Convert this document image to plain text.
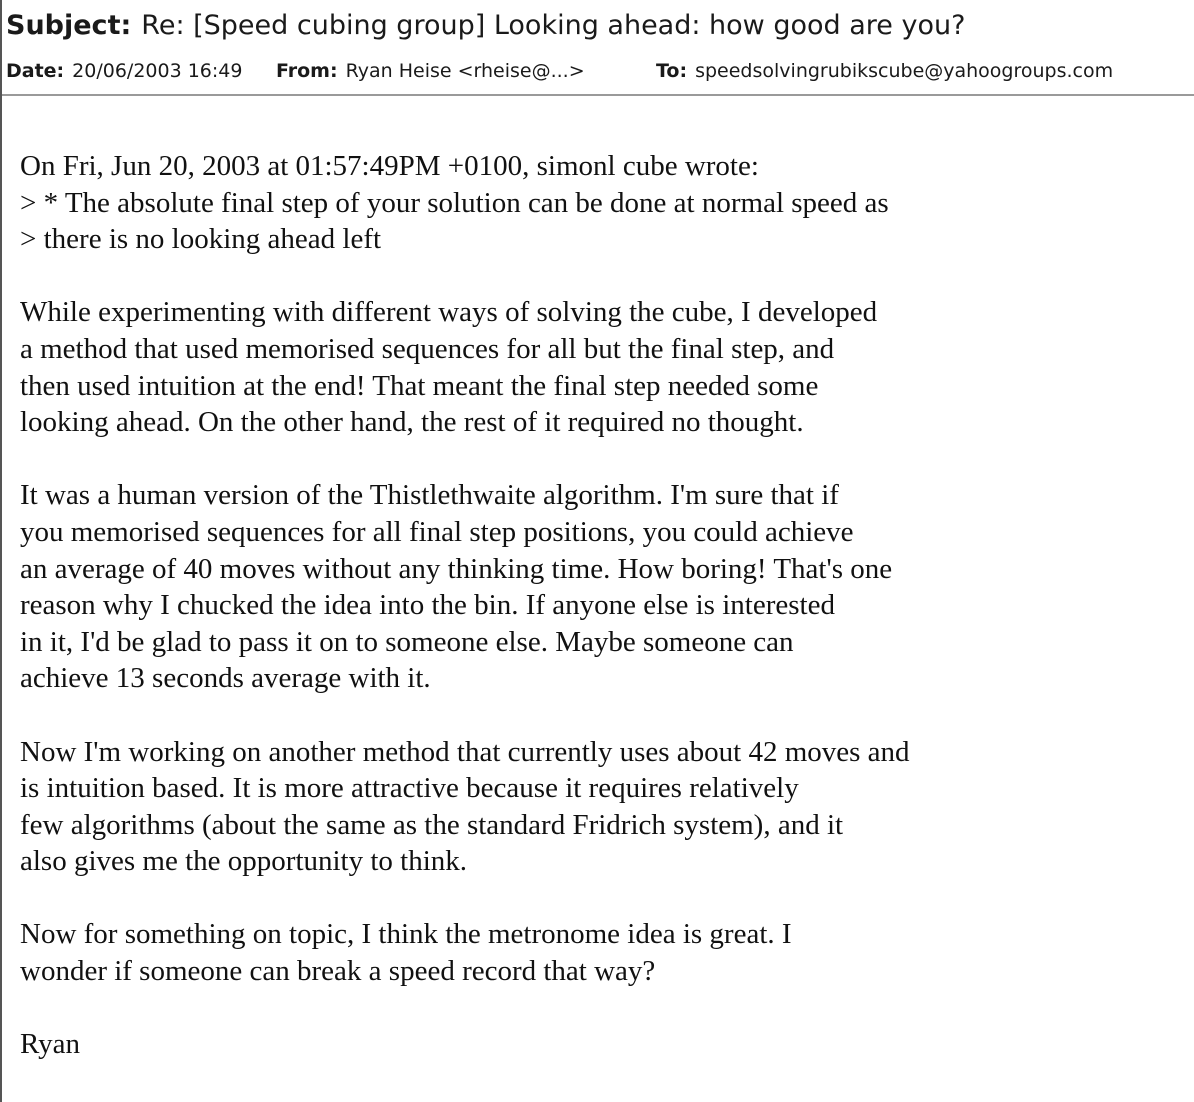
Subject: Re: [Speed cubing group] Looking ahead: how good are you?
Date: 20/06/2003 16:49 From: Ryan Heise <rheise@...>	To: speedsolvingrubikscube@yahoogroups.com
On Fri, Jun 20, 2003 at 01:57:49PM +0100, simonl cube wrote:
> * The absolute final step of your solution can be done at normal speed as
> there is no looking ahead left
While experimenting with different ways of solving the cube, I developed
a method that used memorised sequences for all but the final step, and
then used intuition at the end! That meant the final step needed some
looking ahead. On the other hand, the rest of it required no thought.
It was a human version of the Thistlethwaite algorithm. I'm sure that if
you memorised sequences for all final step positions, you could achieve
an average of 40 moves without any thinking time. How boring! That's one
reason why I chucked the idea into the bin. If anyone else is interested
in it, I'd be glad to pass it on to someone else. Maybe someone can
achieve 13 seconds average with it.
Now I'm working on another method that currently uses about 42 moves and
is intuition based. It is more attractive because it requires relatively
few algorithms (about the same as the standard Fridrich system), and it
also gives me the opportunity to think.
Now for something on topic, I think the metronome idea is great. I
wonder if someone can break a speed record that way?
Ryan
